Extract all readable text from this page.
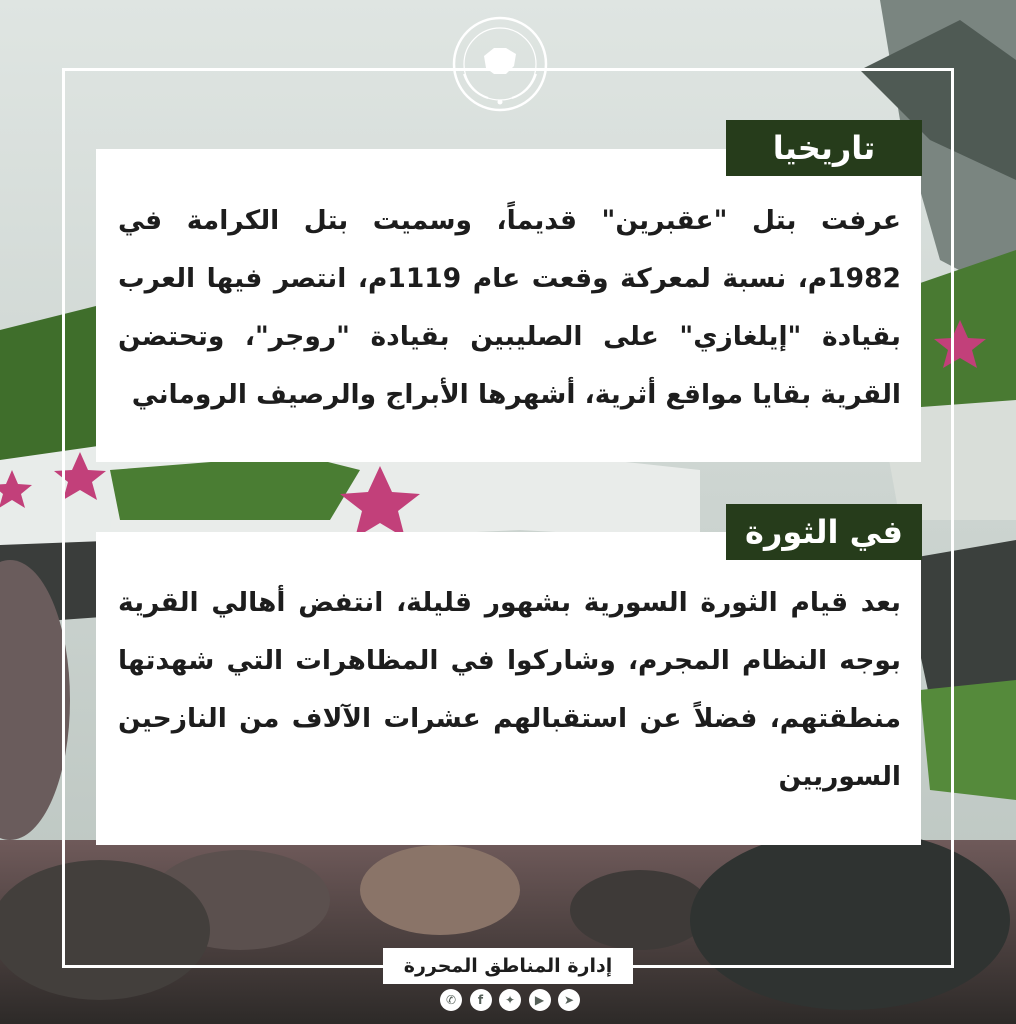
عرفت بتل "عقبرين" قديماً، وسميت بتل الكرامة في 1982م، نسبة لمعركة وقعت عام 1119م، انتصر فيها العرب بقيادة "إيلغازي" على الصليبين بقيادة "روجر"، وتحتضن القرية بقايا مواقع أثرية، أشهرها الأبراج والرصيف الروماني

تاريخيا

بعد قيام الثورة السورية بشهور قليلة، انتفض أهالي القرية بوجه النظام المجرم، وشاركوا في المظاهرات التي شهدتها منطقتهم، فضلاً عن استقبالهم عشرات الآلاف من النازحين السوريين

في الثورة
إدارة المناطق المحررة
✆	f	✦	▶	➤
